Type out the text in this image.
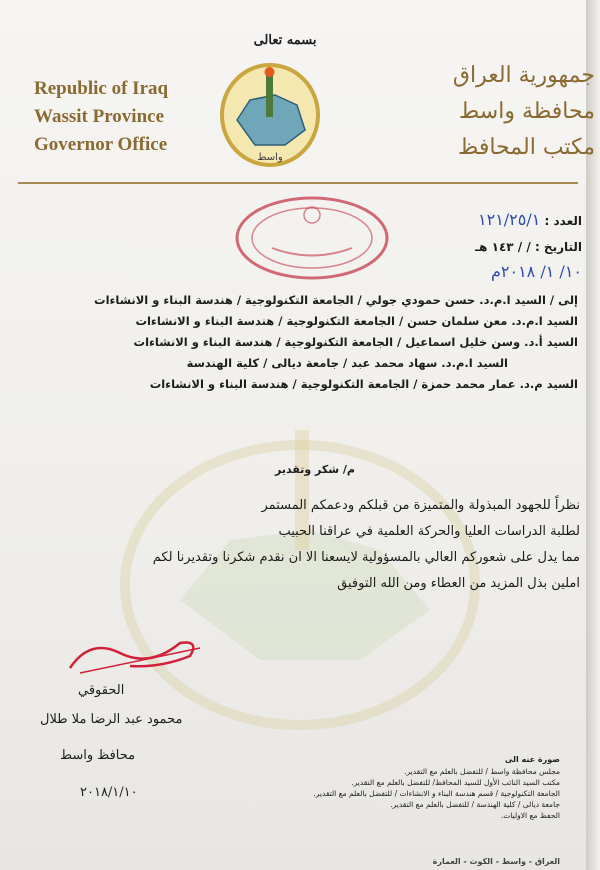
بسمه تعالى
Republic of Iraq
Wassit Province
Governor Office
جمهورية العراق
محافظة واسط
مكتب المحافظ
واسط
العدد : ١٢١/٢٥/١
التاريخ : / / ١٤٣ هـ
١٠/ ١/ ٢٠١٨م
إلى / السيد ا.م.د. حسن حمودي جولي / الجامعة التكنولوجية / هندسة البناء و الانشاءات
السيد ا.م.د. معن سلمان حسن / الجامعة التكنولوجية / هندسة البناء و الانشاءات
السيد أ.د. وسن خليل اسماعيل / الجامعة التكنولوجية / هندسة البناء و الانشاءات
السيد ا.م.د. سهاد محمد عبد / جامعة ديالى / كلية الهندسة
السيد م.د. عمار محمد حمزة / الجامعة التكنولوجية / هندسة البناء و الانشاءات
م/ شكر وتقدير
نظراً للجهود المبذولة والمتميزة من قبلكم ودعمكم المستمر
لطلبة الدراسات العليا والحركة العلمية في عراقنا الحبيب
مما يدل على شعوركم العالي بالمسؤولية لايسعنا الا ان نقدم شكرنا وتقديرنا لكم
املين بذل المزيد من العطاء ومن الله التوفيق
الحقوقي
محمود عبد الرضا ملا طلال
محافظ واسط
٢٠١٨/١/١٠
صورة عنه الى
مجلس محافظة واسط / للتفضل بالعلم مع التقدير.
مكتب السيد النائب الأول للسيد المحافظ/ للتفضل بالعلم مع التقدير.
الجامعة التكنولوجية / قسم هندسة البناء و الانشاءات / للتفضل بالعلم مع التقدير.
جامعة ديالى / كلية الهندسة / للتفضل بالعلم مع التقدير.
الحفظ مع الاوليات.
العراق - واسط - الكوت - العمارة
